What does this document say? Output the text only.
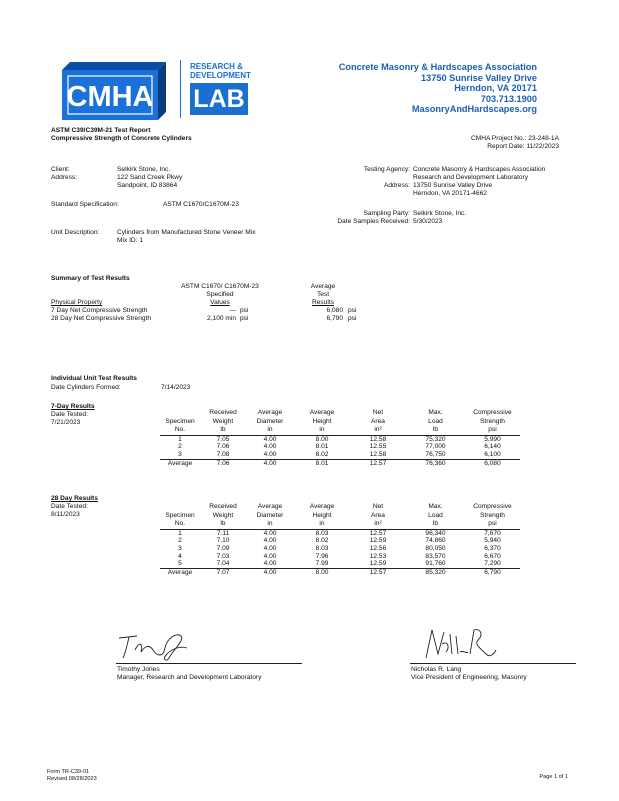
CMHA
RESEARCH &
DEVELOPMENT
LAB
Concrete Masonry & Hardscapes Association
13750 Sunrise Valley Drive
Herndon, VA 20171
703.713.1900
MasonryAndHardscapes.org
ASTM C39/C39M-21 Test Report
Compressive Strength of Concrete Cylinders	CMHA Project No.: 23-248-1A
Report Date: 11/22/2023
Client:	Selkirk Stone, Inc.
Address:	122 Sand Creek Pkwy
Sandpoint, ID 83864
Standard Specification:	ASTM C1670/C1670M-23
Unit Description:	Cylinders from Manufactured Stone Veneer Mix
Mix ID: 1
Testing Agency: Concrete Masonry & Hardscapes Association
Research and Development Laboratory
Address: 13750 Sunrise Valley Drive
Herndon, VA 20171-4662
Sampling Party: Selkirk Stone, Inc.
Date Samples Received: 5/30/2023
Summary of Test Results
ASTM C1670/ C1670M-23
Specified
Values
Average
Test
Results
Physical Property
7 Day Net Compressive Strength	— psi	6,080 psi
28 Day Net Compressive Strength	2,100 min psi	6,790 psi
Individual Unit Test Results
Date Cylinders Formed:	7/14/2023
7-Day Results
Date Tested:
7/21/2023
	Received	Average	Average	Net	Max.	Compressive
Specimen	Weight	Diameter	Height	Area	Load	Strength
No.	lb	in	in	in²	lb	psi
1	7.05	4.00	8.00	12.58	75,320	5,990
2	7.06	4.00	8.01	12.55	77,000	6,140
3	7.08	4.00	8.02	12.58	76,750	6,100
Average	7.06	4.00	8.01	12.57	76,360	6,080
28 Day Results
Date Tested:
8/11/2023
	Received	Average	Average	Net	Max.	Compressive
Specimen	Weight	Diameter	Height	Area	Load	Strength
No.	lb	in	in	in²	lb	psi
1	7.11	4.00	8.03	12.57	96,340	7,670
2	7.10	4.00	8.02	12.59	74,860	5,940
3	7.09	4.00	8.03	12.56	80,050	6,370
4	7.03	4.00	7.96	12.53	83,570	6,670
5	7.04	4.00	7.99	12.59	91,760	7,290
Average	7.07	4.00	8.00	12.57	85,320	6,790
Timothy Jones
Manager, Research and Development Laboratory
Nicholas R. Lang
Vice President of Engineering, Masonry
Form TR-C39-01
Revised 08/28/2023	Page 1 of 1
